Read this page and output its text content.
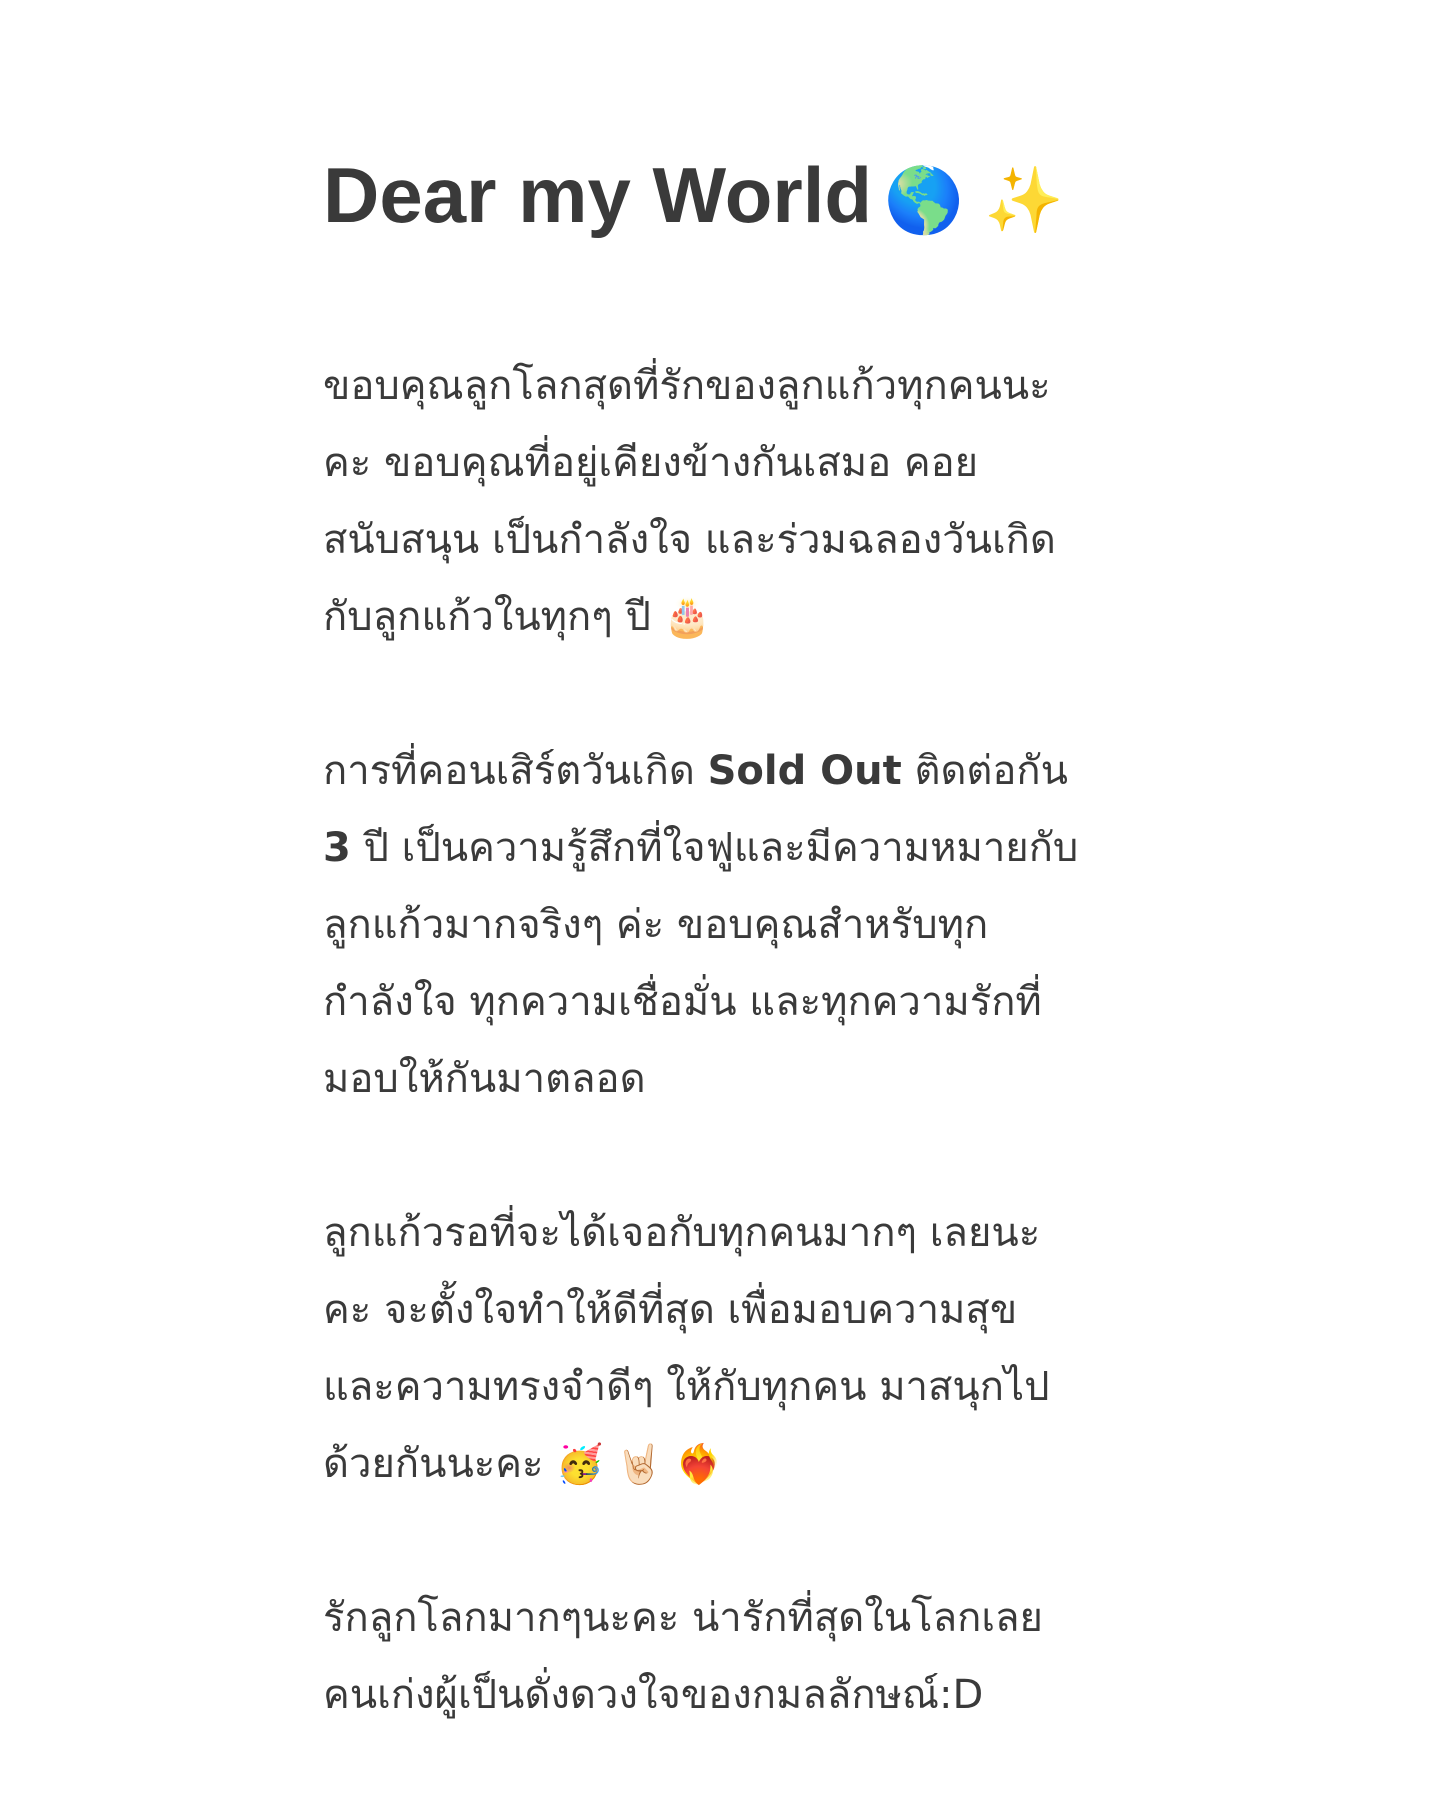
Dear my World 🌎 ✨

ขอบคุณลูกโลกสุดที่รักของลูกแก้วทุกคนนะ
คะ ขอบคุณที่อยู่เคียงข้างกันเสมอ คอย
สนับสนุน เป็นกำลังใจ และร่วมฉลองวันเกิด
กับลูกแก้วในทุกๆ ปี 🎂

การที่คอนเสิร์ตวันเกิด Sold Out ติดต่อกัน
3 ปี เป็นความรู้สึกที่ใจฟูและมีความหมายกับ
ลูกแก้วมากจริงๆ ค่ะ ขอบคุณสำหรับทุก
กำลังใจ ทุกความเชื่อมั่น และทุกความรักที่
มอบให้กันมาตลอด

ลูกแก้วรอที่จะได้เจอกับทุกคนมากๆ เลยนะ
คะ จะตั้งใจทำให้ดีที่สุด เพื่อมอบความสุข
และความทรงจำดีๆ ให้กับทุกคน มาสนุกไป
ด้วยกันนะคะ 🥳 🤘🏻 ❤️‍🔥

รักลูกโลกมากๆนะคะ น่ารักที่สุดในโลกเลย
คนเก่งผู้เป็นดั่งดวงใจของกมลลักษณ์:D
